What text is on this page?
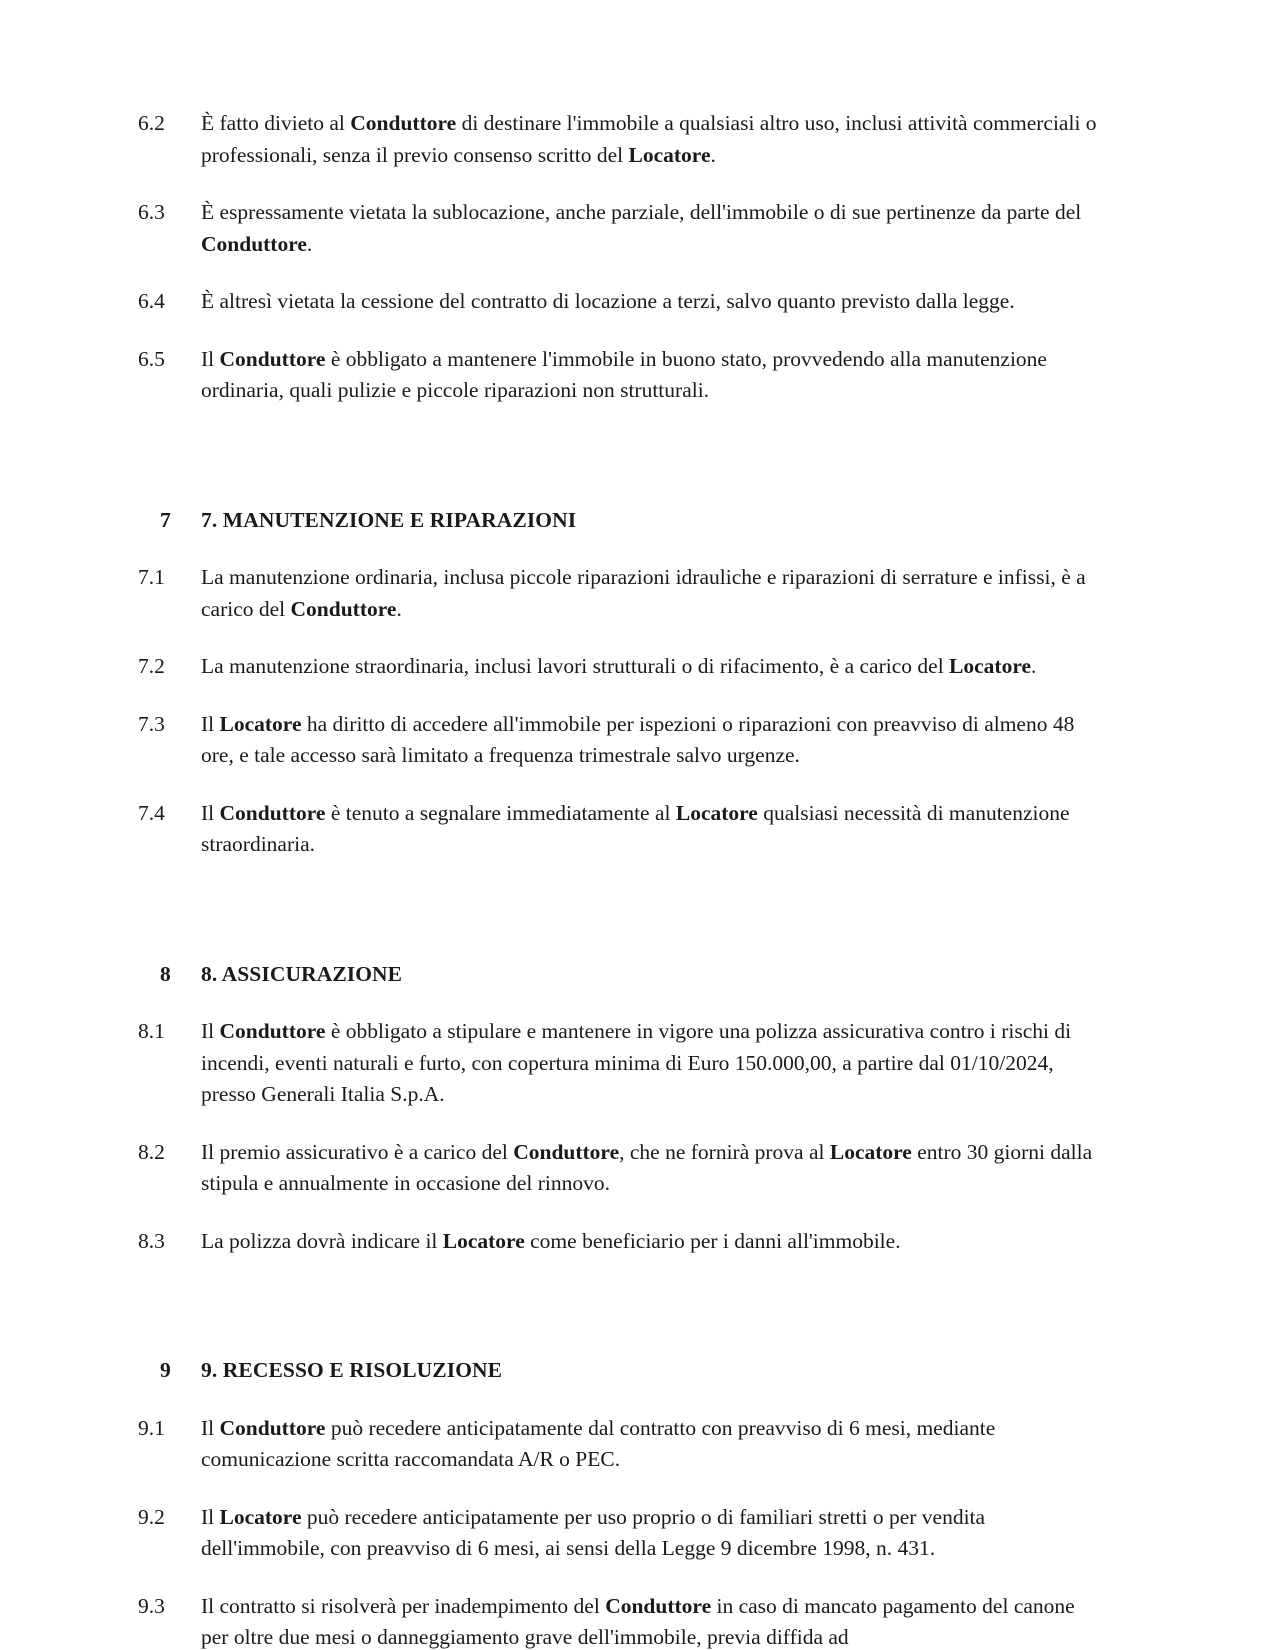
6.2	È fatto divieto al Conduttore di destinare l'immobile a qualsiasi altro uso, inclusi attività commerciali o professionali, senza il previo consenso scritto del Locatore.
6.3	È espressamente vietata la sublocazione, anche parziale, dell'immobile o di sue pertinenze da parte del Conduttore.
6.4	È altresì vietata la cessione del contratto di locazione a terzi, salvo quanto previsto dalla legge.
6.5	Il Conduttore è obbligato a mantenere l'immobile in buono stato, provvedendo alla manutenzione ordinaria, quali pulizie e piccole riparazioni non strutturali.
7	7. MANUTENZIONE E RIPARAZIONI
7.1	La manutenzione ordinaria, inclusa piccole riparazioni idrauliche e riparazioni di serrature e infissi, è a carico del Conduttore.
7.2	La manutenzione straordinaria, inclusi lavori strutturali o di rifacimento, è a carico del Locatore.
7.3	Il Locatore ha diritto di accedere all'immobile per ispezioni o riparazioni con preavviso di almeno 48 ore, e tale accesso sarà limitato a frequenza trimestrale salvo urgenze.
7.4	Il Conduttore è tenuto a segnalare immediatamente al Locatore qualsiasi necessità di manutenzione straordinaria.
8	8. ASSICURAZIONE
8.1	Il Conduttore è obbligato a stipulare e mantenere in vigore una polizza assicurativa contro i rischi di incendi, eventi naturali e furto, con copertura minima di Euro 150.000,00, a partire dal 01/10/2024, presso Generali Italia S.p.A.
8.2	Il premio assicurativo è a carico del Conduttore, che ne fornirà prova al Locatore entro 30 giorni dalla stipula e annualmente in occasione del rinnovo.
8.3	La polizza dovrà indicare il Locatore come beneficiario per i danni all'immobile.
9	9. RECESSO E RISOLUZIONE
9.1	Il Conduttore può recedere anticipatamente dal contratto con preavviso di 6 mesi, mediante comunicazione scritta raccomandata A/R o PEC.
9.2	Il Locatore può recedere anticipatamente per uso proprio o di familiari stretti o per vendita dell'immobile, con preavviso di 6 mesi, ai sensi della Legge 9 dicembre 1998, n. 431.
9.3	Il contratto si risolverà per inadempimento del Conduttore in caso di mancato pagamento del canone per oltre due mesi o danneggiamento grave dell'immobile, previa diffida ad
